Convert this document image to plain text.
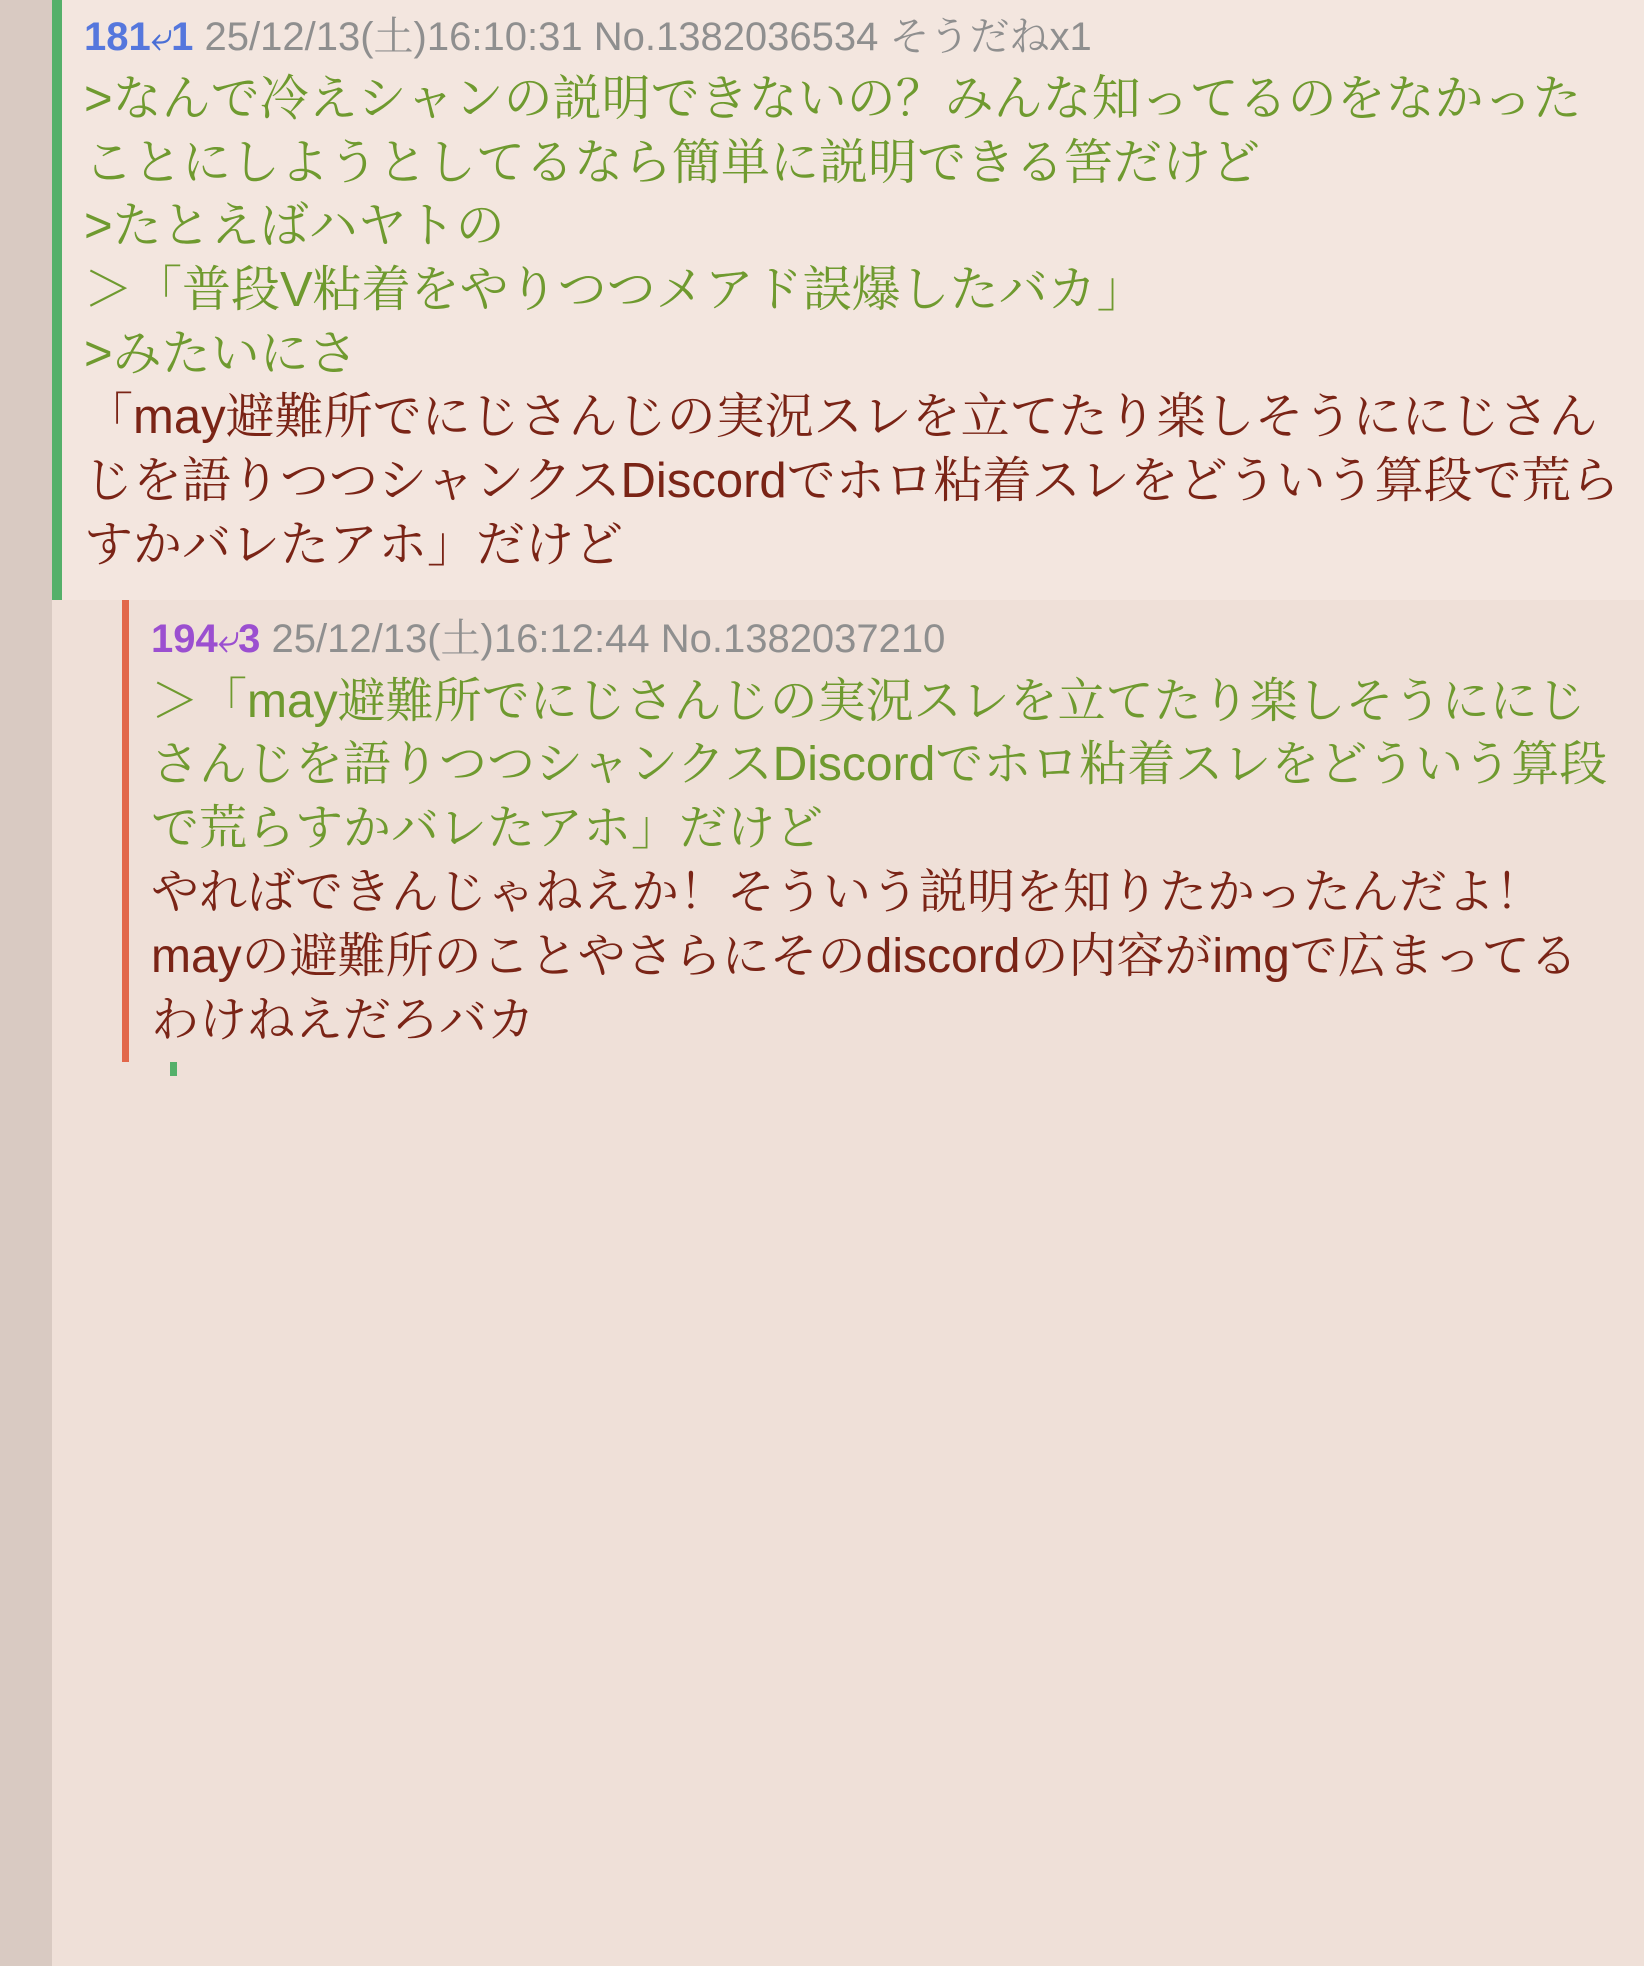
181⤶1 25/12/13(土)16:10:31 No.1382036534 そうだねx1
>なんで冷えシャンの説明できないの？みんな知ってるのをなかったことにしようとしてるなら簡単に説明できる筈だけど
>たとえばハヤトの
＞「普段V粘着をやりつつメアド誤爆したバカ」
>みたいにさ
「may避難所でにじさんじの実況スレを立てたり楽しそうににじさんじを語りつつシャンクスDiscordでホロ粘着スレをどういう算段で荒らすかバレたアホ」だけど
194⤶3 25/12/13(土)16:12:44 No.1382037210
＞「may避難所でにじさんじの実況スレを立てたり楽しそうににじさんじを語りつつシャンクスDiscordでホロ粘着スレをどういう算段で荒らすかバレたアホ」だけど
やればできんじゃねえか！そういう説明を知りたかったんだよ！
mayの避難所のことやさらにそのdiscordの内容がimgで広まってるわけねえだろバカ
